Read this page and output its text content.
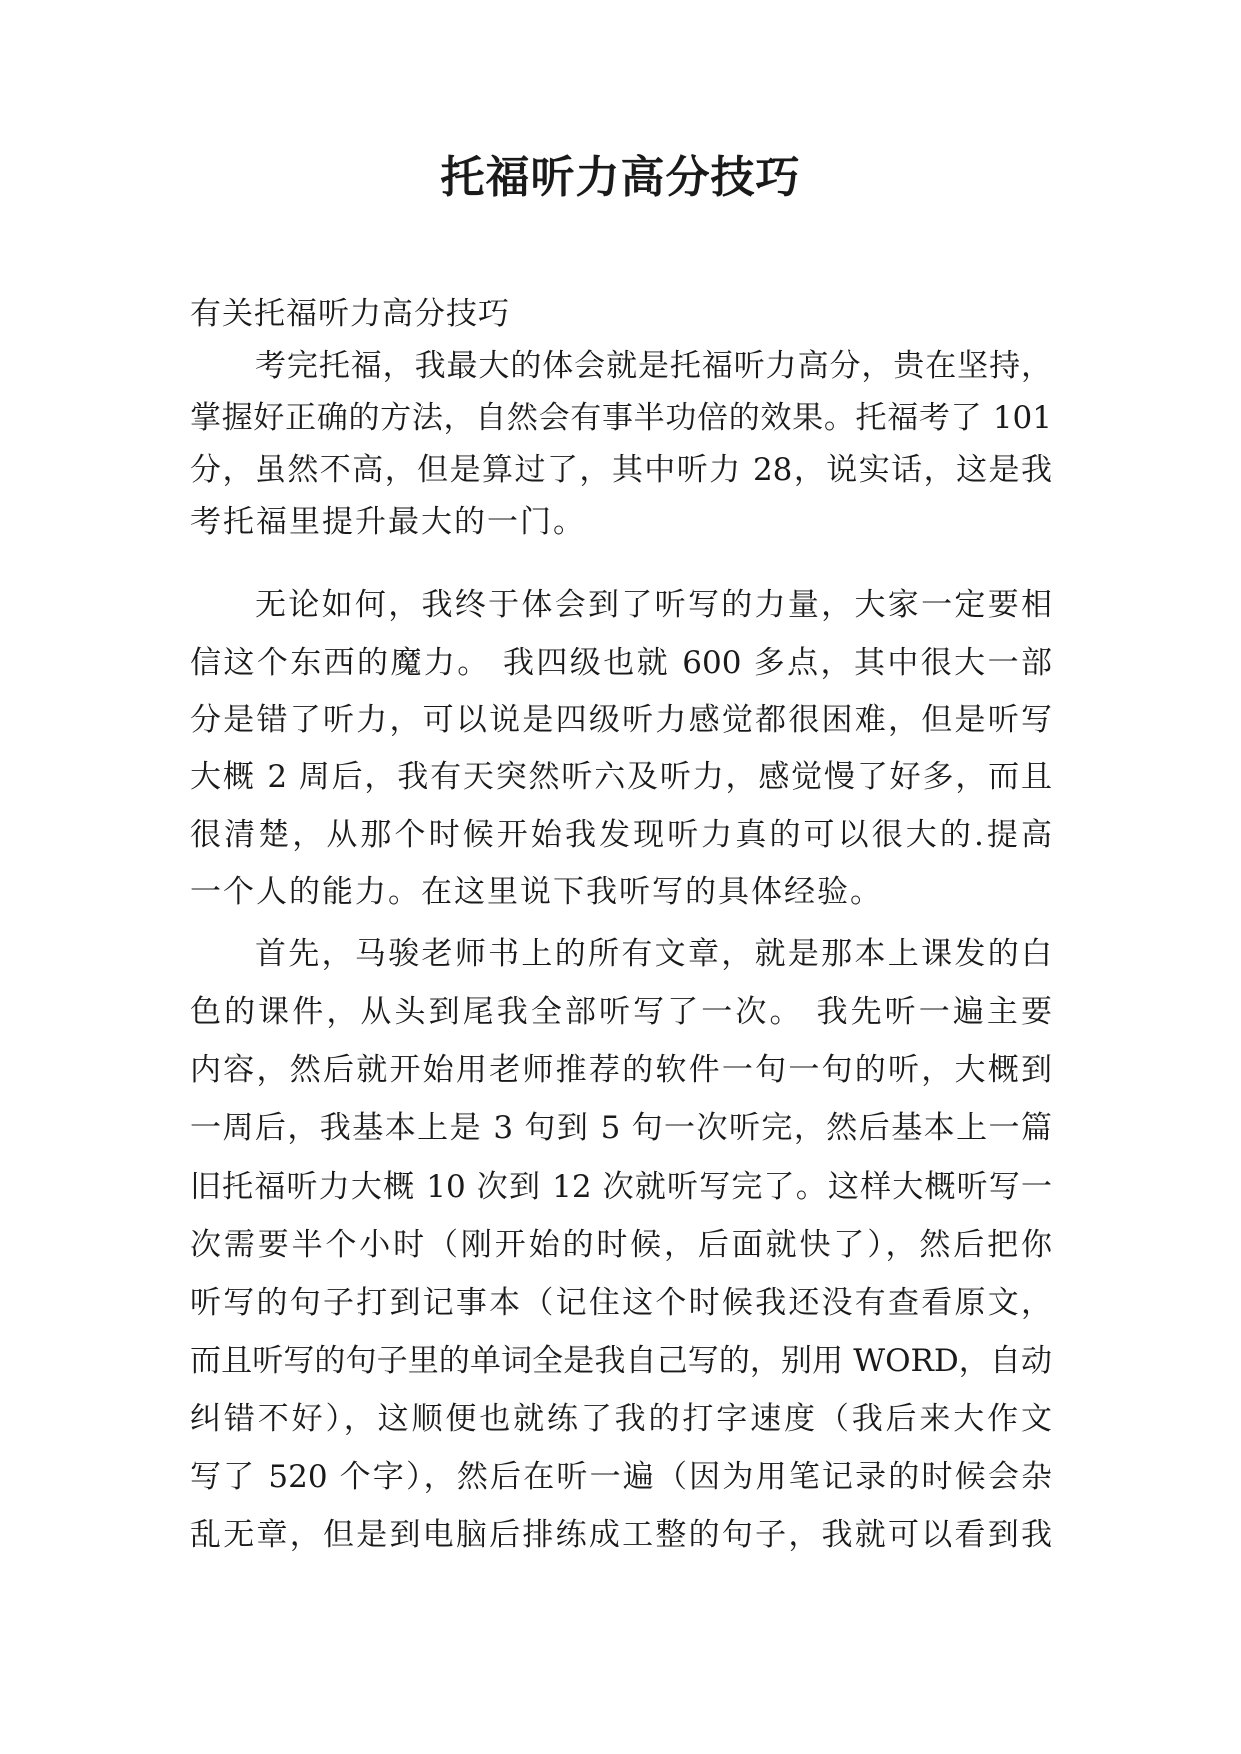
托福听力高分技巧

有关托福听力高分技巧

考完托福，我最大的体会就是托福听力高分，贵在坚持，

掌握好正确的方法，自然会有事半功倍的效果。托福考了 101

分，虽然不高，但是算过了，其中听力 28，说实话，这是我

考托福里提升最大的一门。

无论如何，我终于体会到了听写的力量，大家一定要相

信这个东西的魔力。 我四级也就 600 多点，其中很大一部

分是错了听力，可以说是四级听力感觉都很困难，但是听写

大概 2 周后，我有天突然听六及听力，感觉慢了好多，而且

很清楚，从那个时候开始我发现听力真的可以很大的.提高

一个人的能力。在这里说下我听写的具体经验。

首先，马骏老师书上的所有文章，就是那本上课发的白

色的课件，从头到尾我全部听写了一次。 我先听一遍主要

内容，然后就开始用老师推荐的软件一句一句的听，大概到

一周后，我基本上是 3 句到 5 句一次听完，然后基本上一篇

旧托福听力大概 10 次到 12 次就听写完了。这样大概听写一

次需要半个小时（刚开始的时候，后面就快了），然后把你

听写的句子打到记事本（记住这个时候我还没有查看原文，

而且听写的句子里的单词全是我自己写的，别用 WORD，自动

纠错不好），这顺便也就练了我的打字速度（我后来大作文

写了 520 个字），然后在听一遍（因为用笔记录的时候会杂

乱无章，但是到电脑后排练成工整的句子，我就可以看到我
